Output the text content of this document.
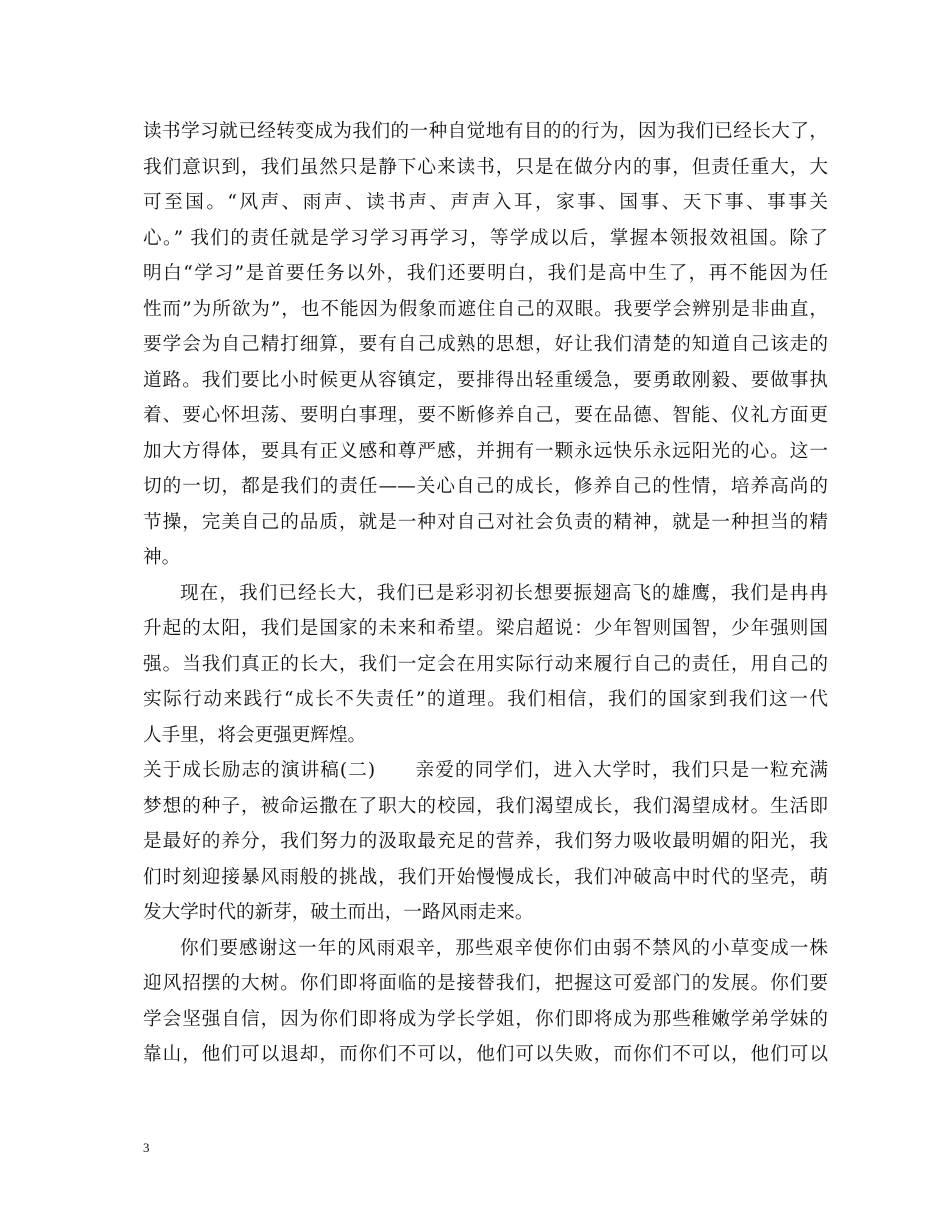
读书学习就已经转变成为我们的一种自觉地有目的的行为，因为我们已经长大了，
我们意识到，我们虽然只是静下心来读书，只是在做分内的事，但责任重大，大
可至国。“风声、雨声、读书声、声声入耳，家事、国事、天下事、事事关
心。” 我们的责任就是学习学习再学习，等学成以后，掌握本领报效祖国。除了
明白“学习”是首要任务以外，我们还要明白，我们是高中生了，再不能因为任
性而”为所欲为”，也不能因为假象而遮住自己的双眼。我要学会辨别是非曲直，
要学会为自己精打细算，要有自己成熟的思想，好让我们清楚的知道自己该走的
道路。我们要比小时候更从容镇定，要排得出轻重缓急，要勇敢刚毅、要做事执
着、要心怀坦荡、要明白事理，要不断修养自己，要在品德、智能、仪礼方面更
加大方得体，要具有正义感和尊严感，并拥有一颗永远快乐永远阳光的心。这一
切的一切，都是我们的责任——关心自己的成长，修养自己的性情，培养高尚的
节操，完美自己的品质，就是一种对自己对社会负责的精神，就是一种担当的精
神。
现在，我们已经长大，我们已是彩羽初长想要振翅高飞的雄鹰，我们是冉冉
升起的太阳，我们是国家的未来和希望。梁启超说：少年智则国智，少年强则国
强。当我们真正的长大，我们一定会在用实际行动来履行自己的责任，用自己的
实际行动来践行“成长不失责任”的道理。我们相信，我们的国家到我们这一代
人手里，将会更强更辉煌。
关于成长励志的演讲稿(二)　　亲爱的同学们，进入大学时，我们只是一粒充满
梦想的种子，被命运撒在了职大的校园，我们渴望成长，我们渴望成材。生活即
是最好的养分，我们努力的汲取最充足的营养，我们努力吸收最明媚的阳光，我
们时刻迎接暴风雨般的挑战，我们开始慢慢成长，我们冲破高中时代的坚壳，萌
发大学时代的新芽，破土而出，一路风雨走来。
你们要感谢这一年的风雨艰辛，那些艰辛使你们由弱不禁风的小草变成一株
迎风招摆的大树。你们即将面临的是接替我们，把握这可爱部门的发展。你们要
学会坚强自信，因为你们即将成为学长学姐，你们即将成为那些稚嫩学弟学妹的
靠山，他们可以退却，而你们不可以，他们可以失败，而你们不可以，他们可以
3
